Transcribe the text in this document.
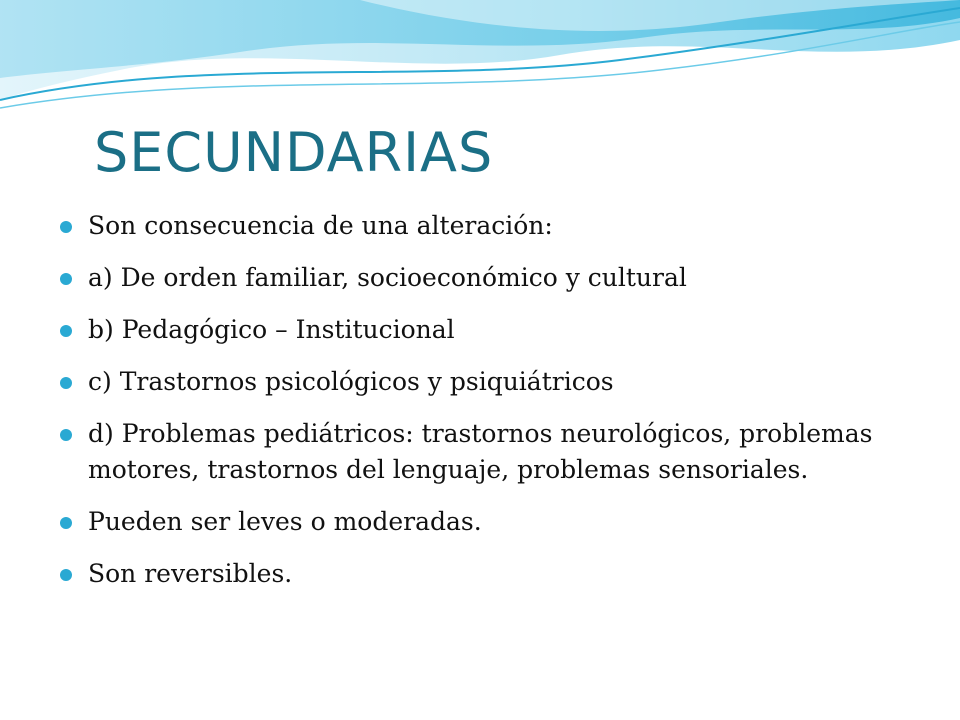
SECUNDARIAS
Son consecuencia de una alteración:
a) De orden familiar, socioeconómico y cultural
b) Pedagógico – Institucional
c) Trastornos psicológicos y psiquiátricos
d) Problemas pediátricos: trastornos neurológicos, problemas motores, trastornos del lenguaje, problemas sensoriales.
Pueden ser leves o moderadas.
Son reversibles.
